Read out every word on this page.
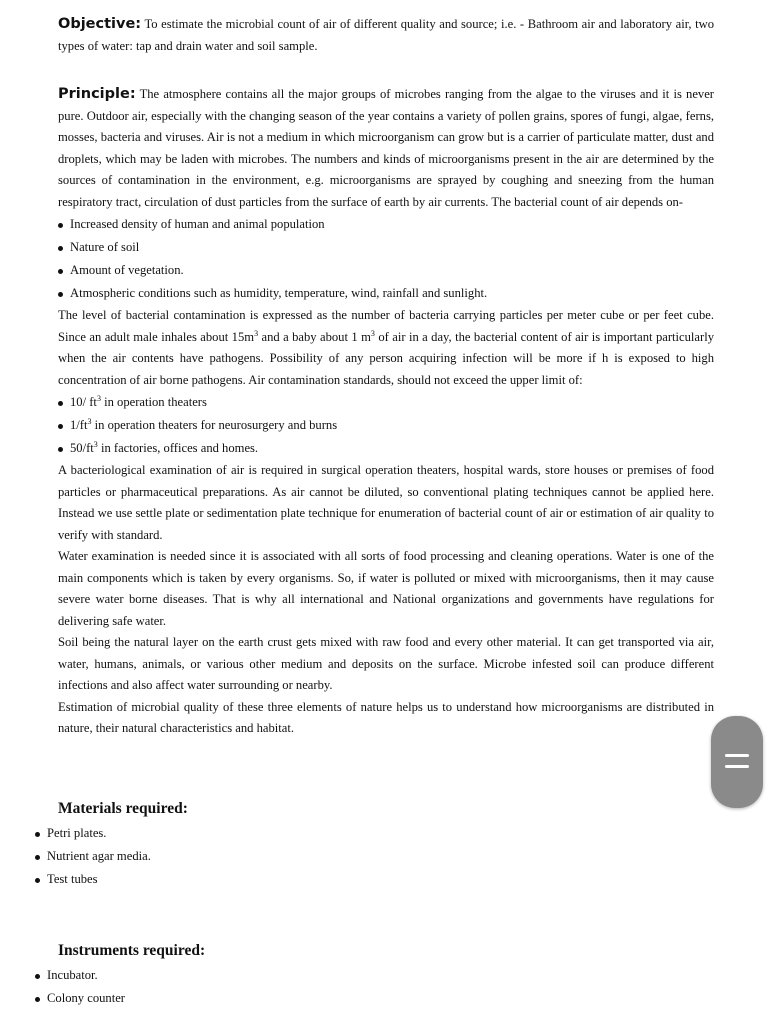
Objective: To estimate the microbial count of air of different quality and source; i.e. - Bathroom air and laboratory air, two types of water: tap and drain water and soil sample.

Principle: The atmosphere contains all the major groups of microbes ranging from the algae to the viruses and it is never pure. Outdoor air, especially with the changing season of the year contains a variety of pollen grains, spores of fungi, algae, ferns, mosses, bacteria and viruses. Air is not a medium in which microorganism can grow but is a carrier of particulate matter, dust and droplets, which may be laden with microbes. The numbers and kinds of microorganisms present in the air are determined by the sources of contamination in the environment, e.g. microorganisms are sprayed by coughing and sneezing from the human respiratory tract, circulation of dust particles from the surface of earth by air currents. The bacterial count of air depends on-

Increased density of human and animal population
Nature of soil
Amount of vegetation.
Atmospheric conditions such as humidity, temperature, wind, rainfall and sunlight.

The level of bacterial contamination is expressed as the number of bacteria carrying particles per meter cube or per feet cube. Since an adult male inhales about $15m^3$ and a baby about 1 $m^3$ of air in a day, the bacterial content of air is important particularly when the air contents have pathogens. Possibility of any person acquiring infection will be more if h is exposed to high concentration of air borne pathogens. Air contamination standards, should not exceed the upper limit of:

10/ $ft^3$ in operation theaters
$1/ft^3$ in operation theaters for neurosurgery and burns
$50/ft^3$ in factories, offices and homes.

A bacteriological examination of air is required in surgical operation theaters, hospital wards, store houses or premises of food particles or pharmaceutical preparations. As air cannot be diluted, so conventional plating techniques cannot be applied here. Instead we use settle plate or sedimentation plate technique for enumeration of bacterial count of air or estimation of air quality to verify with standard.

Water examination is needed since it is associated with all sorts of food processing and cleaning operations. Water is one of the main components which is taken by every organisms. So, if water is polluted or mixed with microorganisms, then it may cause severe water borne diseases. That is why all international and National organizations and governments have regulations for delivering safe water.

Soil being the natural layer on the earth crust gets mixed with raw food and every other material. It can get transported via air, water, humans, animals, or various other medium and deposits on the surface. Microbe infested soil can produce different infections and also affect water surrounding or nearby.

Estimation of microbial quality of these three elements of nature helps us to understand how microorganisms are distributed in nature, their natural characteristics and habitat.

Materials required:
Petri plates.
Nutrient agar media.
Test tubes
Instruments required:
Incubator.
Colony counter
